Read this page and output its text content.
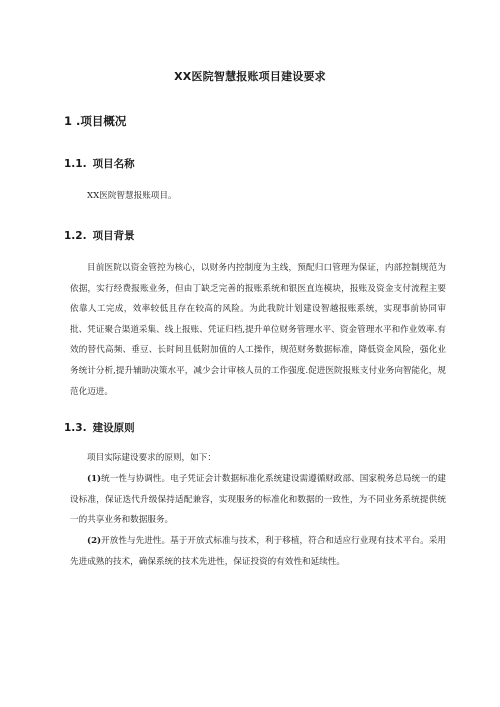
XX医院智慧报账项目建设要求
1 .项目概况
1.1. 项目名称

XX医院智慧报账项目。

1.2. 项目背景

目前医院以资金管控为核心，以财务内控制度为主线，预配归口管理为保证，内部控制规范为依据，实行经费报账业务，但由丁缺乏完善的报账系统和银医直连模块，报账及资金支付流程主要依靠人工完成，效率较低且存在较高的风险。为此我院计划建设智越报账系统，实现事前协同审批、凭证聚合渠道采集、线上报账、凭证归档,提升单位财务管理水平、资金管理水平和作业效率.有效的替代高频、垂豆、长时间且低附加值的人工操作，规范财务数据标准，降低资金风险，强化业务统计分析,提升辅助决策水平，减少会计审核人员的工作强度.促进医院报账支付业务向智能化，规范化迈进。

1.3. 建设原则

项目实际建设要求的原则，如下：

(1)统一性与协调性。电子凭证会计数据标准化系统建设需遵循财政部、国家税务总局统一的建设标准，保证迭代升级保持适配兼容，实现服务的标准化和数据的一致性，为不同业务系统提供统一的共享业务和数据服务。

(2)开放性与先进性。基于开放式标准与技术，利于移植，符合和适应行业现有技术平台。采用先进成熟的技术，确保系统的技术先进性，保证投资的有效性和延续性。
